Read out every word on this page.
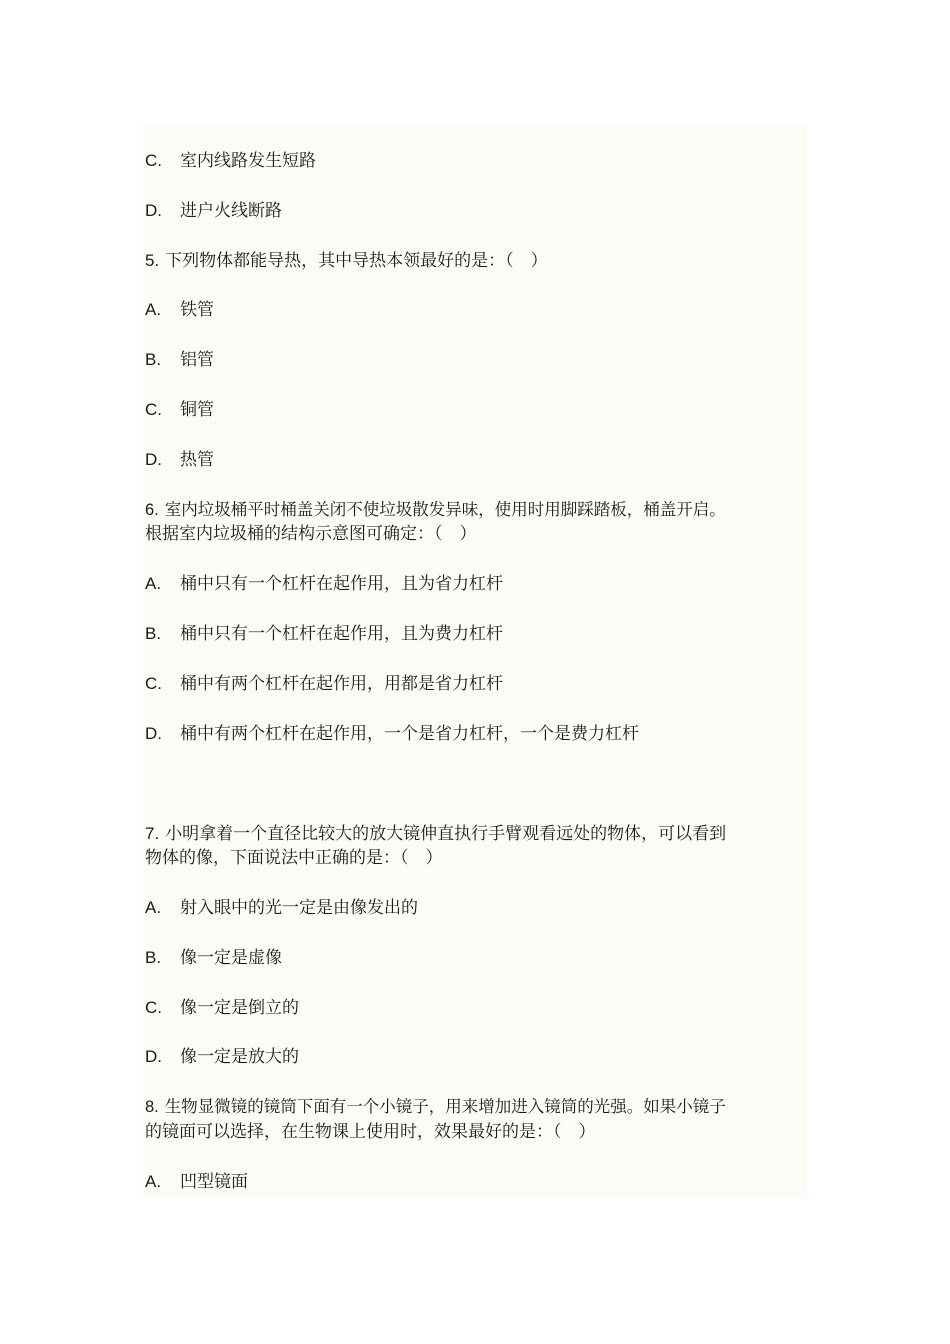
C. 室内线路发生短路
D. 进户火线断路
5. 下列物体都能导热，其中导热本领最好的是：（　）
A. 铁管
B. 铝管
C. 铜管
D. 热管
6. 室内垃圾桶平时桶盖关闭不使垃圾散发异味，使用时用脚踩踏板，桶盖开启。
根据室内垃圾桶的结构示意图可确定：（　）
A. 桶中只有一个杠杆在起作用，且为省力杠杆
B. 桶中只有一个杠杆在起作用，且为费力杠杆
C. 桶中有两个杠杆在起作用，用都是省力杠杆
D. 桶中有两个杠杆在起作用，一个是省力杠杆，一个是费力杠杆
7. 小明拿着一个直径比较大的放大镜伸直执行手臂观看远处的物体，可以看到
物体的像，下面说法中正确的是：（　）
A. 射入眼中的光一定是由像发出的
B. 像一定是虚像
C. 像一定是倒立的
D. 像一定是放大的
8. 生物显微镜的镜筒下面有一个小镜子，用来增加进入镜筒的光强。如果小镜子
的镜面可以选择，在生物课上使用时，效果最好的是：（　）
A. 凹型镜面
